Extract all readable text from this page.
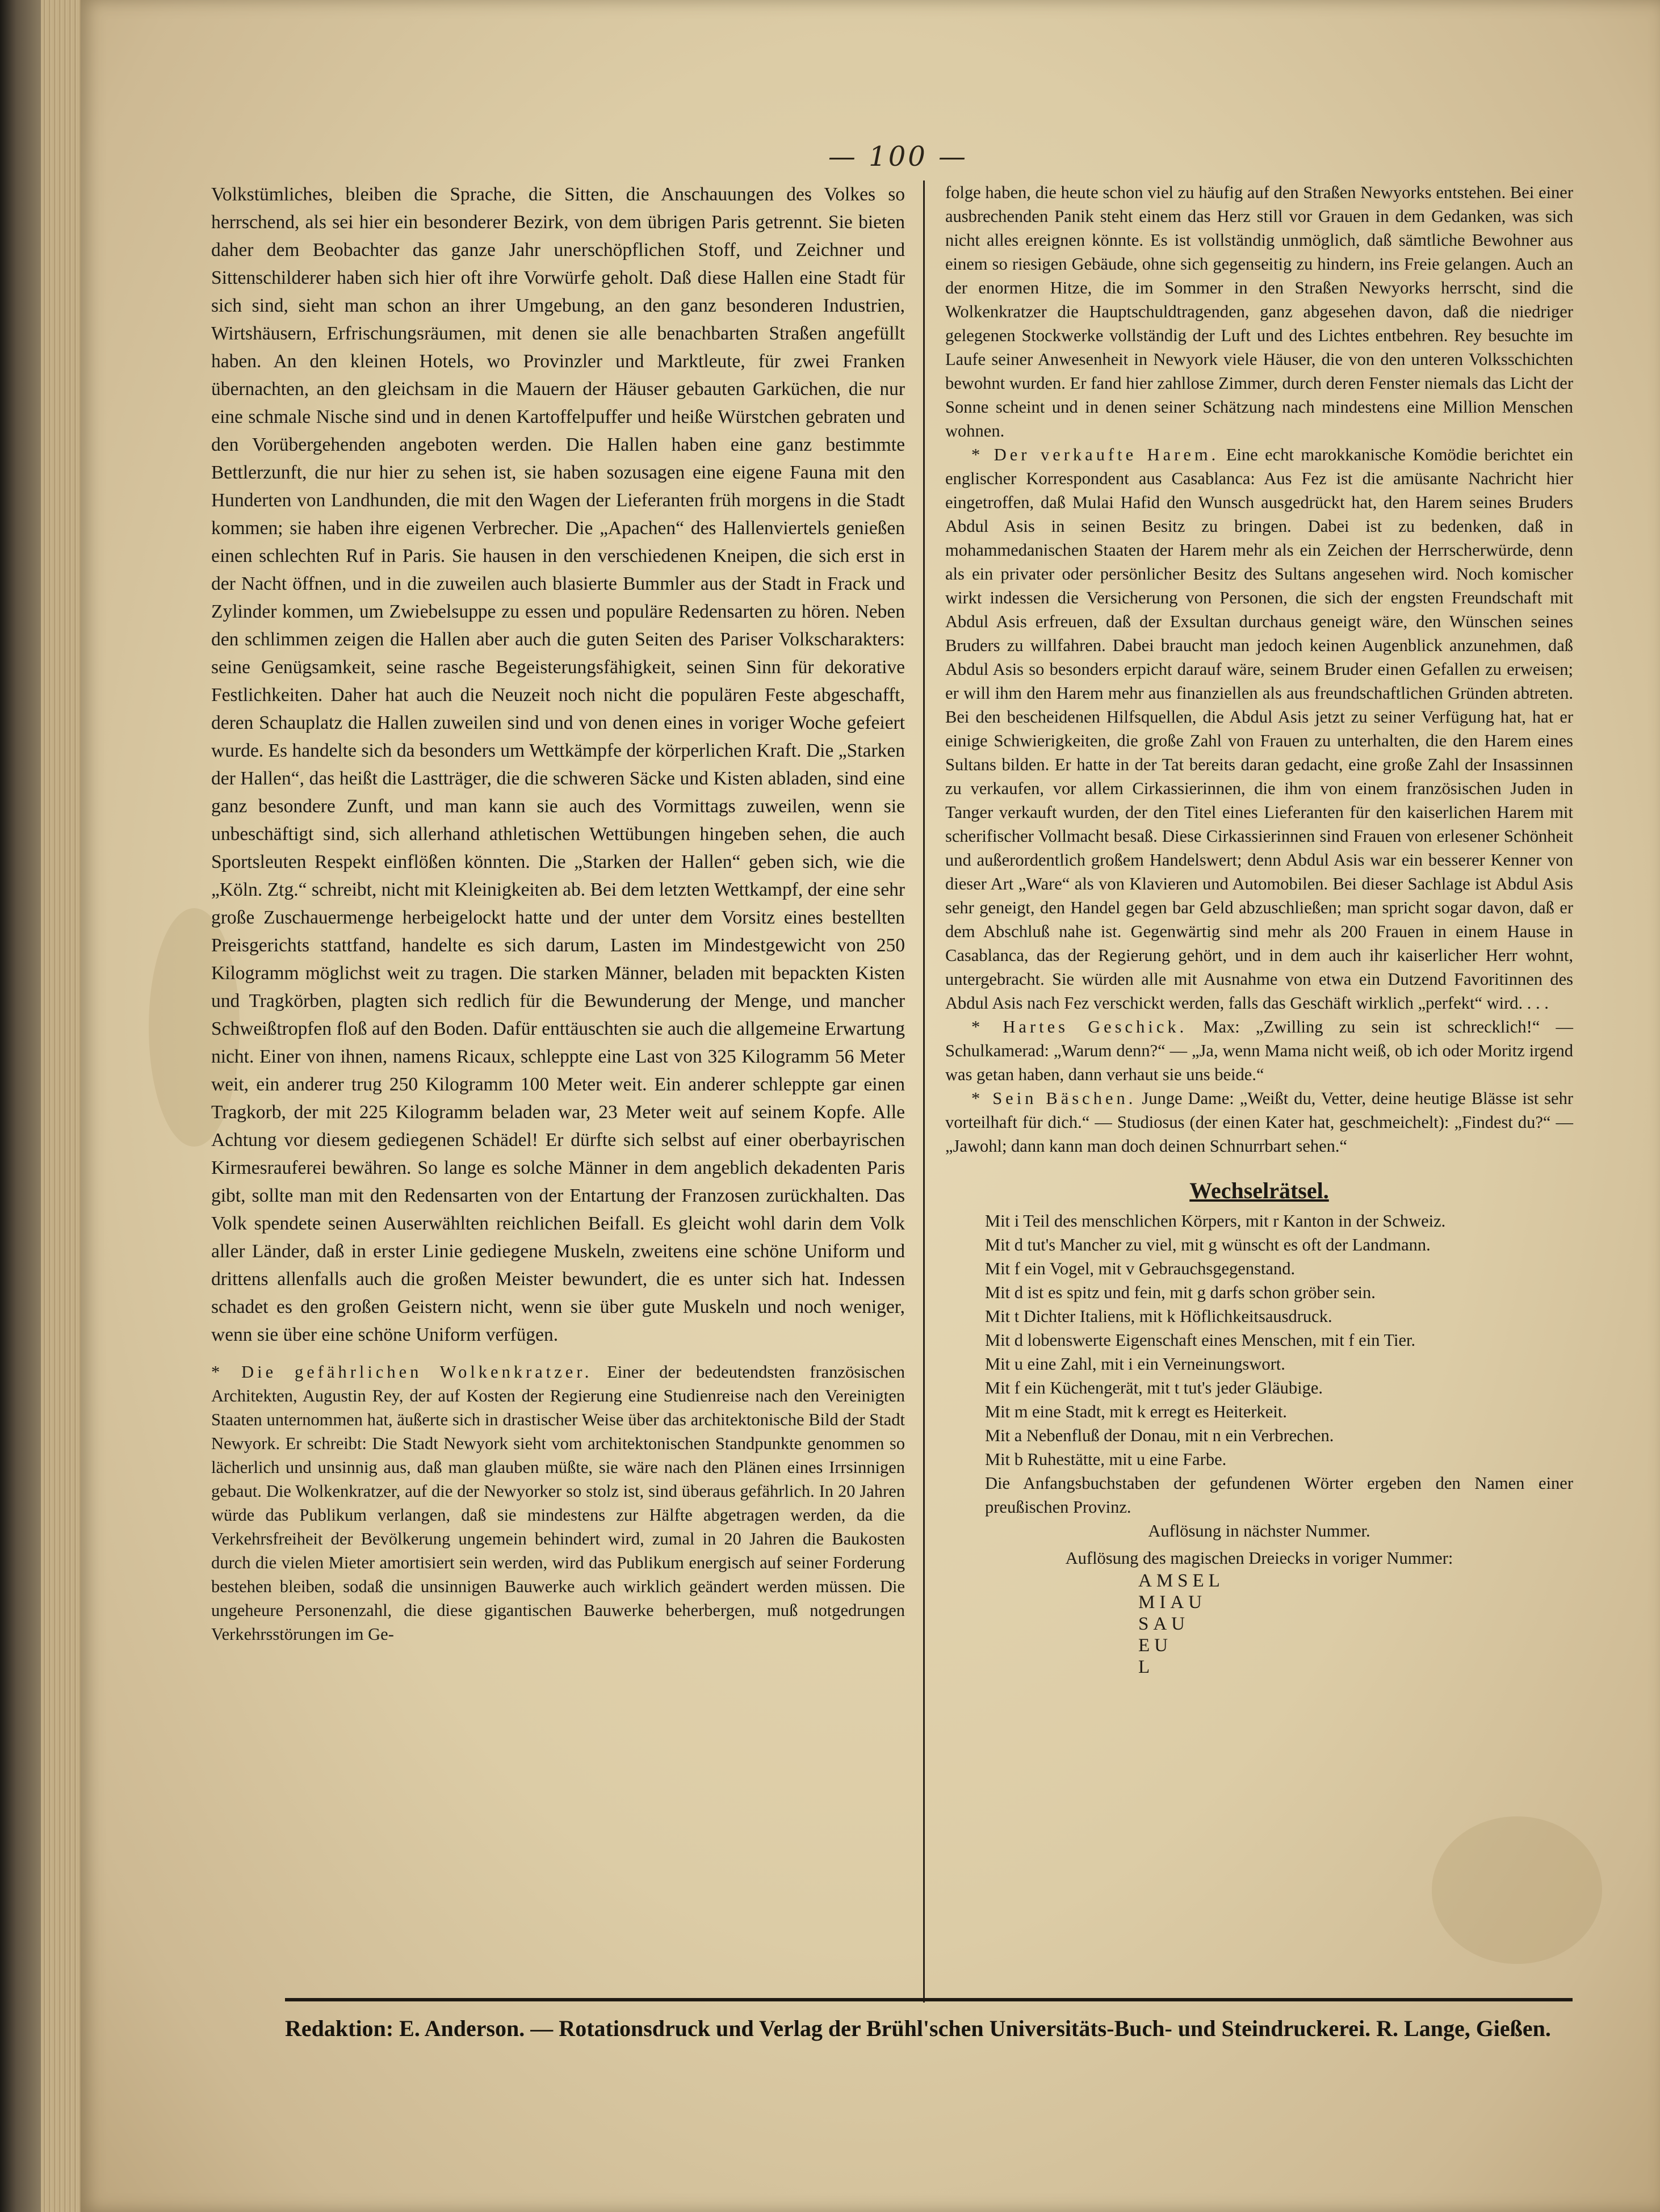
— 100 —

Volkstümliches, bleiben die Sprache, die Sitten, die Anschauungen des Volkes so herrschend, als sei hier ein besonderer Bezirk, von dem übrigen Paris getrennt. Sie bieten daher dem Beobachter das ganze Jahr unerschöpflichen Stoff, und Zeichner und Sittenschilderer haben sich hier oft ihre Vorwürfe geholt. Daß diese Hallen eine Stadt für sich sind, sieht man schon an ihrer Umgebung, an den ganz besonderen Industrien, Wirtshäusern, Erfrischungsräumen, mit denen sie alle benachbarten Straßen angefüllt haben. An den kleinen Hotels, wo Provinzler und Marktleute, für zwei Franken übernachten, an den gleichsam in die Mauern der Häuser gebauten Garküchen, die nur eine schmale Nische sind und in denen Kartoffelpuffer und heiße Würstchen gebraten und den Vorübergehenden angeboten werden. Die Hallen haben eine ganz bestimmte Bettlerzunft, die nur hier zu sehen ist, sie haben sozusagen eine eigene Fauna mit den Hunderten von Landhunden, die mit den Wagen der Lieferanten früh morgens in die Stadt kommen; sie haben ihre eigenen Verbrecher. Die „Apachen“ des Hallenviertels genießen einen schlechten Ruf in Paris. Sie hausen in den verschiedenen Kneipen, die sich erst in der Nacht öffnen, und in die zuweilen auch blasierte Bummler aus der Stadt in Frack und Zylinder kommen, um Zwiebelsuppe zu essen und populäre Redensarten zu hören. Neben den schlimmen zeigen die Hallen aber auch die guten Seiten des Pariser Volkscharakters: seine Genügsamkeit, seine rasche Begeisterungsfähigkeit, seinen Sinn für dekorative Festlichkeiten. Daher hat auch die Neuzeit noch nicht die populären Feste abgeschafft, deren Schauplatz die Hallen zuweilen sind und von denen eines in voriger Woche gefeiert wurde. Es handelte sich da besonders um Wettkämpfe der körperlichen Kraft. Die „Starken der Hallen“, das heißt die Lastträger, die die schweren Säcke und Kisten abladen, sind eine ganz besondere Zunft, und man kann sie auch des Vormittags zuweilen, wenn sie unbeschäftigt sind, sich allerhand athletischen Wettübungen hingeben sehen, die auch Sportsleuten Respekt einflößen könnten. Die „Starken der Hallen“ geben sich, wie die „Köln. Ztg.“ schreibt, nicht mit Kleinigkeiten ab. Bei dem letzten Wettkampf, der eine sehr große Zuschauermenge herbeigelockt hatte und der unter dem Vorsitz eines bestellten Preisgerichts stattfand, handelte es sich darum, Lasten im Mindestgewicht von 250 Kilogramm möglichst weit zu tragen. Die starken Männer, beladen mit bepackten Kisten und Tragkörben, plagten sich redlich für die Bewunderung der Menge, und mancher Schweißtropfen floß auf den Boden. Dafür enttäuschten sie auch die allgemeine Erwartung nicht. Einer von ihnen, namens Ricaux, schleppte eine Last von 325 Kilogramm 56 Meter weit, ein anderer trug 250 Kilogramm 100 Meter weit. Ein anderer schleppte gar einen Tragkorb, der mit 225 Kilogramm beladen war, 23 Meter weit auf seinem Kopfe. Alle Achtung vor diesem gediegenen Schädel! Er dürfte sich selbst auf einer oberbayrischen Kirmesrauferei bewähren. So lange es solche Männer in dem angeblich dekadenten Paris gibt, sollte man mit den Redensarten von der Entartung der Franzosen zurückhalten. Das Volk spendete seinen Auserwählten reichlichen Beifall. Es gleicht wohl darin dem Volk aller Länder, daß in erster Linie gediegene Muskeln, zweitens eine schöne Uniform und drittens allenfalls auch die großen Meister bewundert, die es unter sich hat. Indessen schadet es den großen Geistern nicht, wenn sie über gute Muskeln und noch weniger, wenn sie über eine schöne Uniform verfügen.

* Die gefährlichen Wolkenkratzer. Einer der bedeutendsten französischen Architekten, Augustin Rey, der auf Kosten der Regierung eine Studienreise nach den Vereinigten Staaten unternommen hat, äußerte sich in drastischer Weise über das architektonische Bild der Stadt Newyork. Er schreibt: Die Stadt Newyork sieht vom architektonischen Standpunkte genommen so lächerlich und unsinnig aus, daß man glauben müßte, sie wäre nach den Plänen eines Irrsinnigen gebaut. Die Wolkenkratzer, auf die der Newyorker so stolz ist, sind überaus gefährlich. In 20 Jahren würde das Publikum verlangen, daß sie mindestens zur Hälfte abgetragen werden, da die Verkehrsfreiheit der Bevölkerung ungemein behindert wird, zumal in 20 Jahren die Baukosten durch die vielen Mieter amortisiert sein werden, wird das Publikum energisch auf seiner Forderung bestehen bleiben, sodaß die unsinnigen Bauwerke auch wirklich geändert werden müssen. Die ungeheure Personenzahl, die diese gigantischen Bauwerke beherbergen, muß notgedrungen Verkehrsstörungen im Ge-

folge haben, die heute schon viel zu häufig auf den Straßen Newyorks entstehen. Bei einer ausbrechenden Panik steht einem das Herz still vor Grauen in dem Gedanken, was sich nicht alles ereignen könnte. Es ist vollständig unmöglich, daß sämtliche Bewohner aus einem so riesigen Gebäude, ohne sich gegenseitig zu hindern, ins Freie gelangen. Auch an der enormen Hitze, die im Sommer in den Straßen Newyorks herrscht, sind die Wolkenkratzer die Hauptschuldtragenden, ganz abgesehen davon, daß die niedriger gelegenen Stockwerke vollständig der Luft und des Lichtes entbehren. Rey besuchte im Laufe seiner Anwesenheit in Newyork viele Häuser, die von den unteren Volksschichten bewohnt wurden. Er fand hier zahllose Zimmer, durch deren Fenster niemals das Licht der Sonne scheint und in denen seiner Schätzung nach mindestens eine Million Menschen wohnen.

* Der verkaufte Harem. Eine echt marokkanische Komödie berichtet ein englischer Korrespondent aus Casablanca: Aus Fez ist die amüsante Nachricht hier eingetroffen, daß Mulai Hafid den Wunsch ausgedrückt hat, den Harem seines Bruders Abdul Asis in seinen Besitz zu bringen. Dabei ist zu bedenken, daß in mohammedanischen Staaten der Harem mehr als ein Zeichen der Herrscherwürde, denn als ein privater oder persönlicher Besitz des Sultans angesehen wird. Noch komischer wirkt indessen die Versicherung von Personen, die sich der engsten Freundschaft mit Abdul Asis erfreuen, daß der Exsultan durchaus geneigt wäre, den Wünschen seines Bruders zu willfahren. Dabei braucht man jedoch keinen Augenblick anzunehmen, daß Abdul Asis so besonders erpicht darauf wäre, seinem Bruder einen Gefallen zu erweisen; er will ihm den Harem mehr aus finanziellen als aus freundschaftlichen Gründen abtreten. Bei den bescheidenen Hilfsquellen, die Abdul Asis jetzt zu seiner Verfügung hat, hat er einige Schwierigkeiten, die große Zahl von Frauen zu unterhalten, die den Harem eines Sultans bilden. Er hatte in der Tat bereits daran gedacht, eine große Zahl der Insassinnen zu verkaufen, vor allem Cirkassierinnen, die ihm von einem französischen Juden in Tanger verkauft wurden, der den Titel eines Lieferanten für den kaiserlichen Harem mit scherifischer Vollmacht besaß. Diese Cirkassierinnen sind Frauen von erlesener Schönheit und außerordentlich großem Handelswert; denn Abdul Asis war ein besserer Kenner von dieser Art „Ware“ als von Klavieren und Automobilen. Bei dieser Sachlage ist Abdul Asis sehr geneigt, den Handel gegen bar Geld abzuschließen; man spricht sogar davon, daß er dem Abschluß nahe ist. Gegenwärtig sind mehr als 200 Frauen in einem Hause in Casablanca, das der Regierung gehört, und in dem auch ihr kaiserlicher Herr wohnt, untergebracht. Sie würden alle mit Ausnahme von etwa ein Dutzend Favoritinnen des Abdul Asis nach Fez verschickt werden, falls das Geschäft wirklich „perfekt“ wird. . . .

* Hartes Geschick. Max: „Zwilling zu sein ist schrecklich!“ — Schulkamerad: „Warum denn?“ — „Ja, wenn Mama nicht weiß, ob ich oder Moritz irgend was getan haben, dann verhaut sie uns beide.“

* Sein Bäschen. Junge Dame: „Weißt du, Vetter, deine heutige Blässe ist sehr vorteilhaft für dich.“ — Studiosus (der einen Kater hat, geschmeichelt): „Findest du?“ — „Jawohl; dann kann man doch deinen Schnurrbart sehen.“

Wechselrätsel.

Mit i Teil des menschlichen Körpers, mit r Kanton in der Schweiz.

Mit d tut's Mancher zu viel, mit g wünscht es oft der Landmann.

Mit f ein Vogel, mit v Gebrauchsgegenstand.

Mit d ist es spitz und fein, mit g darfs schon gröber sein.

Mit t Dichter Italiens, mit k Höflichkeitsausdruck.

Mit d lobenswerte Eigenschaft eines Menschen, mit f ein Tier.

Mit u eine Zahl, mit i ein Verneinungswort.

Mit f ein Küchengerät, mit t tut's jeder Gläubige.

Mit m eine Stadt, mit k erregt es Heiterkeit.

Mit a Nebenfluß der Donau, mit n ein Verbrechen.

Mit b Ruhestätte, mit u eine Farbe.

Die Anfangsbuchstaben der gefundenen Wörter ergeben den Namen einer preußischen Provinz.

Auflösung in nächster Nummer.

Auflösung des magischen Dreiecks in voriger Nummer:

AMSEL

MIAU

SAU

EU

L

Redaktion: E. Anderson. — Rotationsdruck und Verlag der Brühl'schen Universitäts-Buch- und Steindruckerei. R. Lange, Gießen.
